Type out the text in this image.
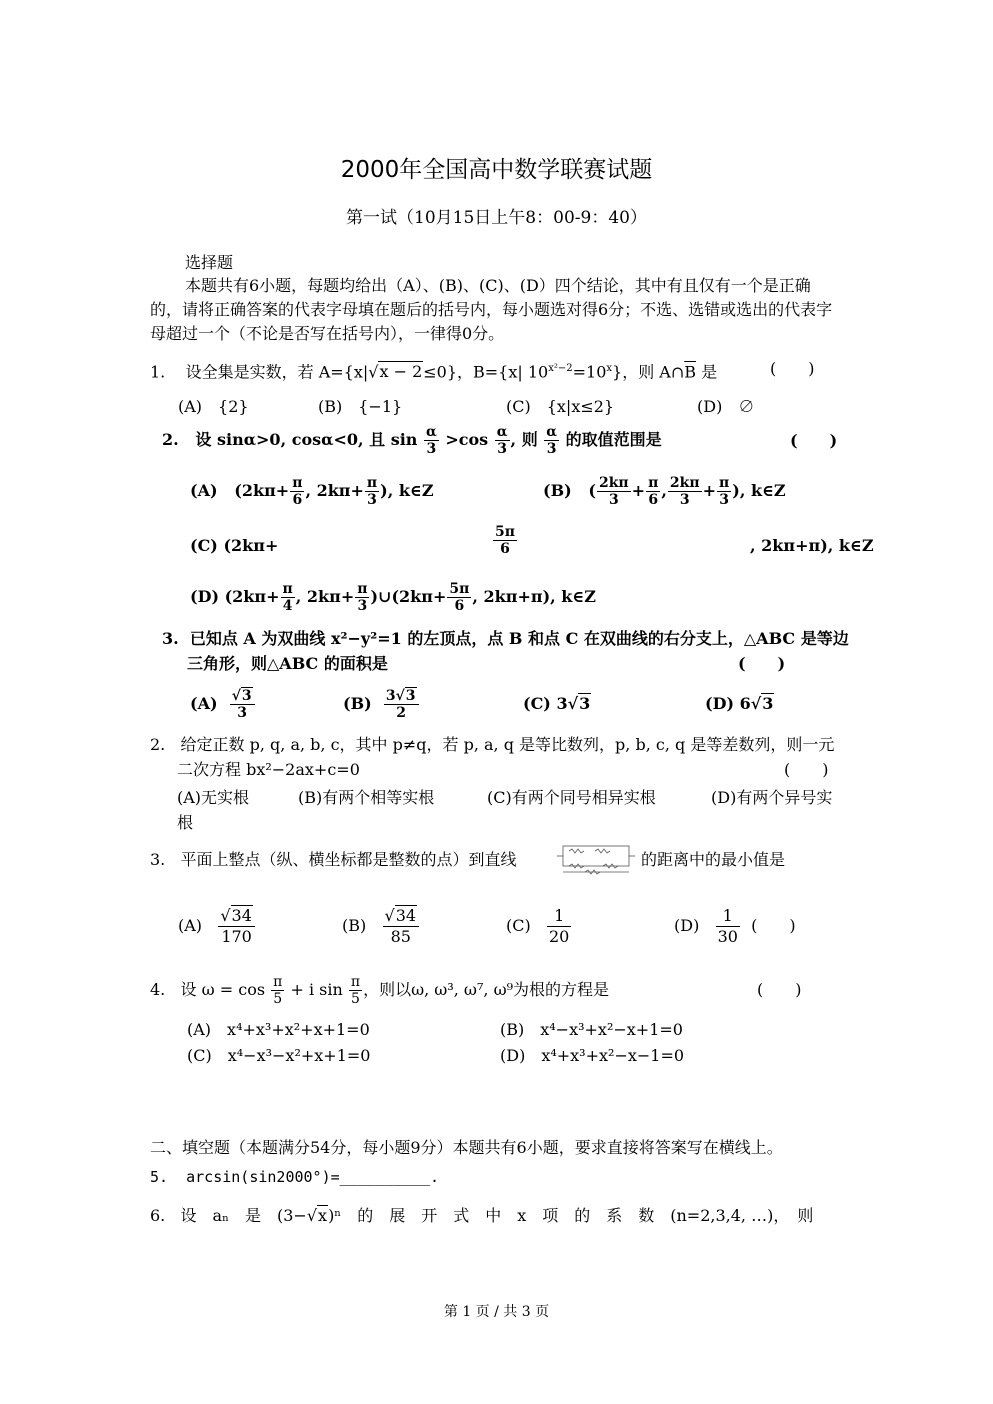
2000年全国高中数学联赛试题
第一试（10月15日上午8：00-9：40）
选择题
本题共有6小题，每题均给出（A）、(B)、(C)、(D）四个结论，其中有且仅有一个是正确的，请将正确答案的代表字母填在题后的括号内，每小题选对得6分；不选、选错或选出的代表字母超过一个（不论是否写在括号内），一律得0分。
1. 设全集是实数，若 A={x|√x − 2≤0}，B={x| $10^{x^2-2}=10^x$}，则 $A\cap\overline{B}$ 是	(　　)
(A)　{2}	(B)　{−1}	(C)　{x|x≤2}	(D)　∅
2. 设 sinα>0, cosα<0, 且 $\sin \frac{\alpha}{3} >\cos \frac{\alpha}{3}$ , 则 $\frac{\alpha}{3}$ 的取值范围是	(　　)
(A) ($2k\pi+ \frac{\pi}{6}$ , $2k\pi+ \frac{\pi}{3}$ ), k∈Z	(B) ( $\frac{2k\pi}{3} + \frac{\pi}{6}$ , $\frac{2k\pi}{3} + \frac{\pi}{3}$ ), k∈Z
(C) (2kπ+	$\frac{5\pi}{6}$	, 2kπ+π), k∈Z
(D) ($2k\pi+ \frac{\pi}{4}$ , $2k\pi+ \frac{\pi}{3}$ )∪(2kπ+ $\frac{5\pi}{6}$ , 2kπ+π), k∈Z
3. 已知点 A 为双曲线 x²−y²=1 的左顶点，点 B 和点 C 在双曲线的右分支上，△ABC 是等边
三角形，则△ABC 的面积是	(　　)
$(A) \frac{√3}{3}$	$(B) \frac{3√3}{2}$	(C) 3√3	(D) 6√3
2. 给定正数 p, q, a, b, c，其中 p≠q，若 p, a, q 是等比数列，p, b, c, q 是等差数列，则一元
二次方程 bx²−2ax+c=0	(　　)
(A)无实根	(B)有两个相等实根	(C)有两个同号相异实根	(D)有两个异号实
根
3. 平面上整点（纵、横坐标都是整数的点）到直线	的距离中的最小值是
$(A) \frac{√34}{170}$	$(B) \frac{√34}{85}$	$(C) \frac{1}{20}$	$(D) \frac{1}{30}$ (　　)
4. 设 $\omega = \cos \frac{\pi}{5} + i$ $\sin \frac{\pi}{5}$ ，则以ω, ω³, ω⁷, ω⁹为根的方程是	(　　)
(A)　x⁴+x³+x²+x+1=0	(B)　x⁴−x³+x²−x+1=0
(C)　x⁴−x³−x²+x+1=0	(D)　x⁴+x³+x²−x−1=0
二、填空题（本题满分54分，每小题9分）本题共有6小题，要求直接将答案写在横线上。
5. arcsin(sin2000°)=__________.
6. 设　aₙ　是　(3−√x)ⁿ　的　展　开　式　中　x　项　的　系　数　(n=2,3,4, …)，　则
第 1 页 / 共 3 页
